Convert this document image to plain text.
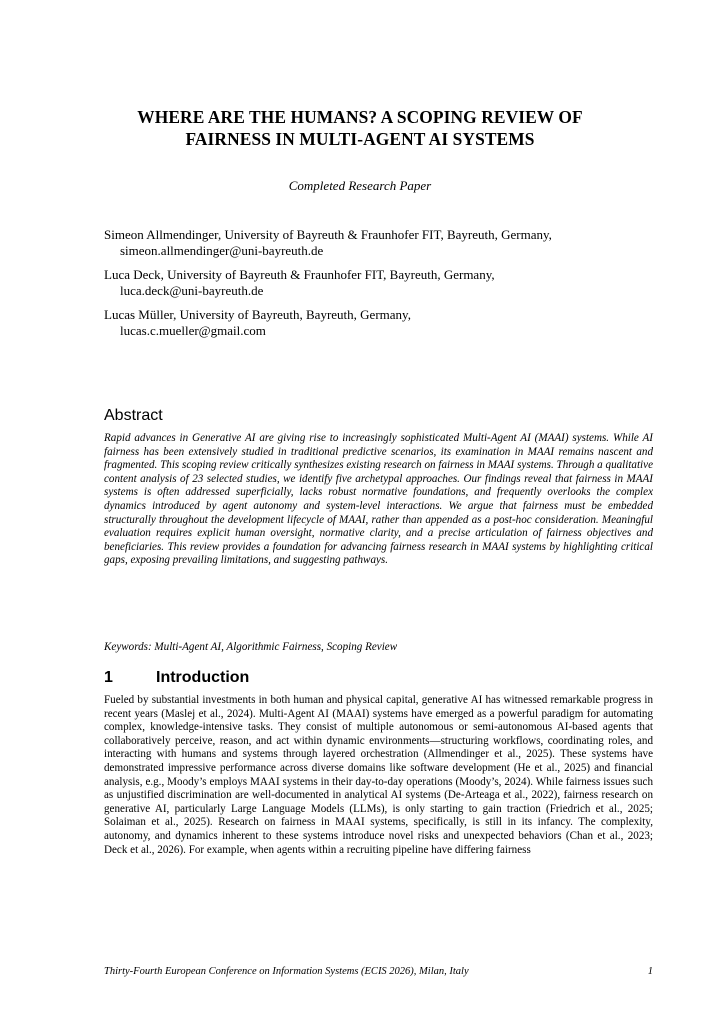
WHERE ARE THE HUMANS? A SCOPING REVIEW OF
FAIRNESS IN MULTI-AGENT AI SYSTEMS
Completed Research Paper
Simeon Allmendinger, University of Bayreuth & Fraunhofer FIT, Bayreuth, Germany,
simeon.allmendinger@uni-bayreuth.de
Luca Deck, University of Bayreuth & Fraunhofer FIT, Bayreuth, Germany,
luca.deck@uni-bayreuth.de
Lucas Müller, University of Bayreuth, Bayreuth, Germany,
lucas.c.mueller@gmail.com
Abstract

Rapid advances in Generative AI are giving rise to increasingly sophisticated Multi-Agent AI (MAAI) systems. While AI fairness has been extensively studied in traditional predictive scenarios, its examination in MAAI remains nascent and fragmented. This scoping review critically synthesizes existing research on fairness in MAAI systems. Through a qualitative content analysis of 23 selected studies, we identify five archetypal approaches. Our findings reveal that fairness in MAAI systems is often addressed superficially, lacks robust normative foundations, and frequently overlooks the complex dynamics introduced by agent autonomy and system-level interactions. We argue that fairness must be embedded structurally throughout the development lifecycle of MAAI, rather than appended as a post-hoc consideration. Meaningful evaluation requires explicit human oversight, normative clarity, and a precise articulation of fairness objectives and beneficiaries. This review provides a foundation for advancing fairness research in MAAI systems by highlighting critical gaps, exposing prevailing limitations, and suggesting pathways.

Keywords: Multi-Agent AI, Algorithmic Fairness, Scoping Review

1	Introduction

Fueled by substantial investments in both human and physical capital, generative AI has witnessed remarkable progress in recent years (Maslej et al., 2024). Multi-Agent AI (MAAI) systems have emerged as a powerful paradigm for automating complex, knowledge-intensive tasks. They consist of multiple autonomous or semi-autonomous AI-based agents that collaboratively perceive, reason, and act within dynamic environments—structuring workflows, coordinating roles, and interacting with humans and systems through layered orchestration (Allmendinger et al., 2025). These systems have demonstrated impressive performance across diverse domains like software development (He et al., 2025) and financial analysis, e.g., Moody’s employs MAAI systems in their day-to-day operations (Moody’s, 2024). While fairness issues such as unjustified discrimination are well-documented in analytical AI systems (De-Arteaga et al., 2022), fairness research on generative AI, particularly Large Language Models (LLMs), is only starting to gain traction (Friedrich et al., 2025; Solaiman et al., 2025). Research on fairness in MAAI systems, specifically, is still in its infancy. The complexity, autonomy, and dynamics inherent to these systems introduce novel risks and unexpected behaviors (Chan et al., 2023; Deck et al., 2026). For example, when agents within a recruiting pipeline have differing fairness

Thirty-Fourth European Conference on Information Systems (ECIS 2026), Milan, Italy	1
